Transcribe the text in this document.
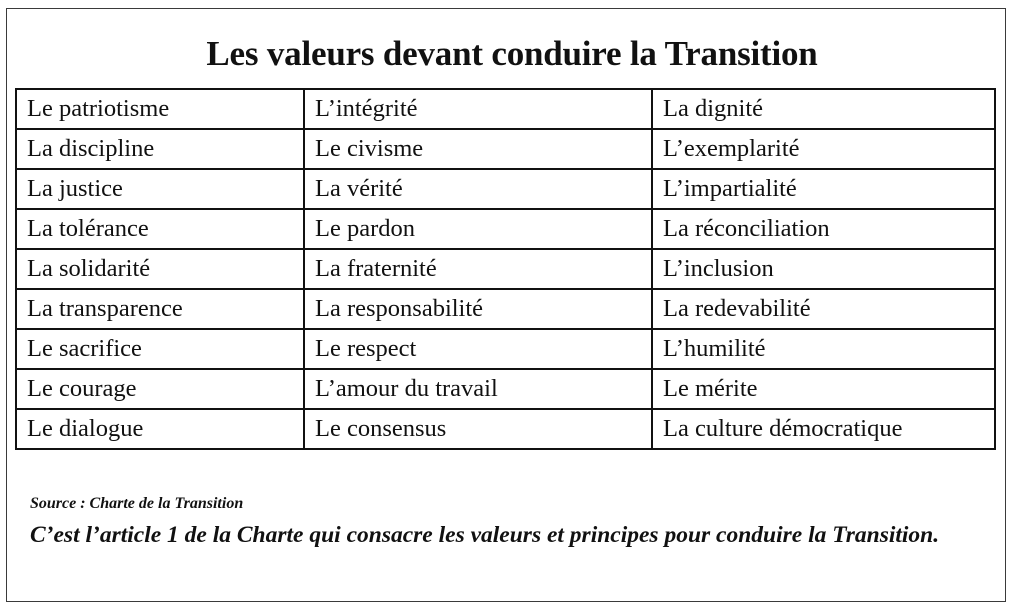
Les valeurs devant conduire la Transition
Le patriotisme	L’intégrité	La dignité
La discipline	Le civisme	L’exemplarité
La justice	La vérité	L’impartialité
La tolérance	Le pardon	La réconciliation
La solidarité	La fraternité	L’inclusion
La transparence	La responsabilité	La redevabilité
Le sacrifice	Le respect	L’humilité
Le courage	L’amour du travail	Le mérite
Le dialogue	Le consensus	La culture démocratique
Source : Charte de la Transition
C’est l’article 1 de la Charte qui consacre les valeurs et principes pour conduire la Transition.
